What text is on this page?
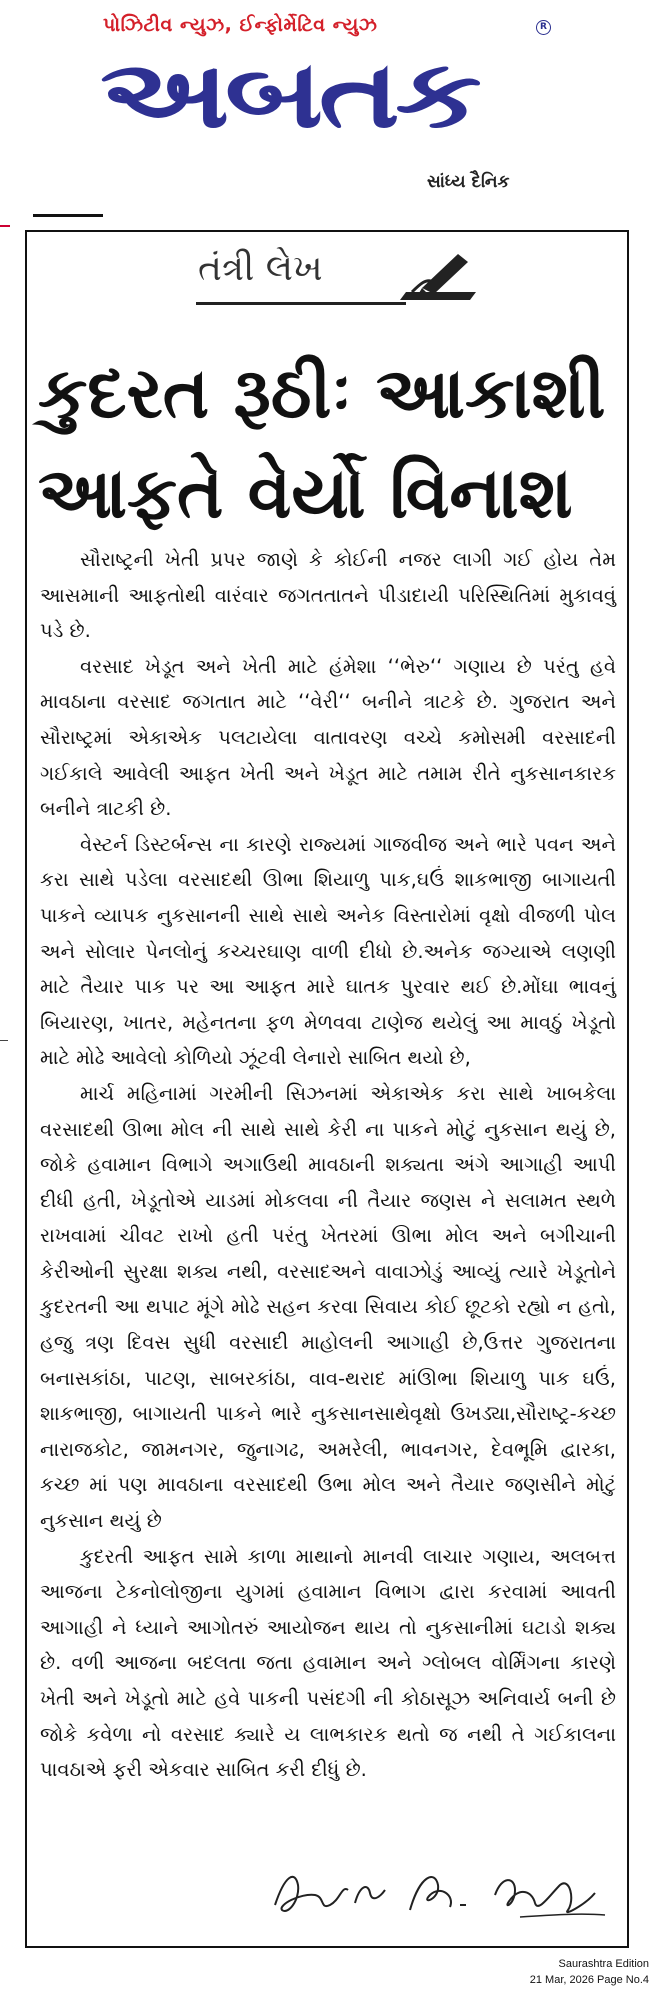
પોઝિટીવ ન્યુઝ, ઈન્ફોર્મેટિવ ન્યુઝ	R
અબતક
સાંધ્ય દૈનિક
તંત્રી લેખ
કુદરત રૂઠીઃ આકાશી
આફતે વેર્યો વિનાશ

સૌરાષ્ટ્રની ખેતી પ્રપર જાણે કે કોઈની નજર લાગી ગઈ હોય તેમ આસમાની આફતોથી વારંવાર જગતતાતને પીડાદાયી પરિસ્થિતિમાં મુકાવવું પડે છે.

વરસાદ ખેડૂત અને ખેતી માટે હંમેશા ‘‘ભેરુ‘‘ ગણાય છે પરંતુ હવે માવઠાના વરસાદ જગતાત માટે ‘‘વેરી‘‘ બનીને ત્રાટકે છે. ગુજરાત અને સૌરાષ્ટ્રમાં એકાએક પલટાયેલા વાતાવરણ વચ્ચે કમોસમી વરસાદની ગઈકાલે આવેલી આફત ખેતી અને ખેડૂત માટે તમામ રીતે નુકસાનકારક બનીને ત્રાટકી છે.

વેસ્ટર્ન ડિસ્ટર્બન્સ ના કારણે રાજ્યમાં ગાજવીજ અને ભારે પવન અને કરા સાથે પડેલા વરસાદથી ઊભા શિયાળુ પાક,ઘઉં શાકભાજી બાગાયતી પાકને વ્યાપક નુકસાનની સાથે સાથે અનેક વિસ્તારોમાં વૃક્ષો વીજળી પોલ અને સોલાર પેનલોનું કચ્ચરઘાણ વાળી દીધો છે.અનેક જગ્યાએ લણણી માટે તૈયાર પાક પર આ આફત મારે ઘાતક પુરવાર થઈ છે.મોંઘા ભાવનું બિયારણ, ખાતર, મહેનતના ફળ મેળવવા ટાણેજ થયેલું આ માવઠું ખેડૂતો માટે મોઢે આવેલો કોળિયો ઝૂંટવી લેનારો સાબિત થયો છે,

માર્ચ મહિનામાં ગરમીની સિઝનમાં એકાએક કરા સાથે ખાબકેલા વરસાદથી ઊભા મોલ ની સાથે સાથે કેરી ના પાકને મોટું નુકસાન થયું છે, જોકે હવામાન વિભાગે અગાઉથી માવઠાની શક્યતા અંગે આગાહી આપી દીધી હતી, ખેડૂતોએ યાડમાં મોકલવા ની તૈયાર જણસ ને સલામત સ્થળે રાખવામાં ચીવટ રાખો હતી પરંતુ ખેતરમાં ઊભા મોલ અને બગીચાની કેરીઓની સુરક્ષા શક્ય નથી, વરસાદઅને વાવાઝોડું આવ્યું ત્યારે ખેડૂતોને કુદરતની આ થપાટ મૂંગે મોઢે સહન કરવા સિવાય કોઈ છૂટકો રહ્યો ન હતો, હજુ ત્રણ દિવસ સુધી વરસાદી માહોલની આગાહી છે,ઉત્તર ગુજરાતના બનાસકાંઠા, પાટણ, સાબરકાંઠા, વાવ-થરાદ માંઊભા શિયાળુ પાક ઘઉં, શાકભાજી, બાગાયતી પાકને ભારે નુકસાનસાથેવૃક્ષો ઉખડ્યા,સૌરાષ્ટ્ર-કચ્છ નારાજકોટ, જામનગર, જુનાગઢ, અમરેલી, ભાવનગર, દેવભૂમિ દ્વારકા, કચ્છ માં પણ માવઠાના વરસાદથી ઉભા મોલ અને તૈયાર જણસીને મોટું નુકસાન થયું છે

કુદરતી આફત સામે કાળા માથાનો માનવી લાચાર ગણાય, અલબત્ત આજના ટેકનોલોજીના યુગમાં હવામાન વિભાગ દ્વારા કરવામાં આવતી આગાહી ને ધ્યાને આગોતરું આયોજન થાય તો નુકસાનીમાં ઘટાડો શક્ય છે. વળી આજના બદલતા જતા હવામાન અને ગ્લોબલ વોર્મિંગના કારણે ખેતી અને ખેડૂતો માટે હવે પાકની પસંદગી ની કોઠાસૂઝ અનિવાર્ય બની છે જોકે કવેળા નો વરસાદ ક્યારે ય લાભકારક થતો જ નથી તે ગઈકાલના પાવઠાએ ફરી એકવાર સાબિત કરી દીધું છે.

Saurashtra Edition
21 Mar, 2026 Page No.4
